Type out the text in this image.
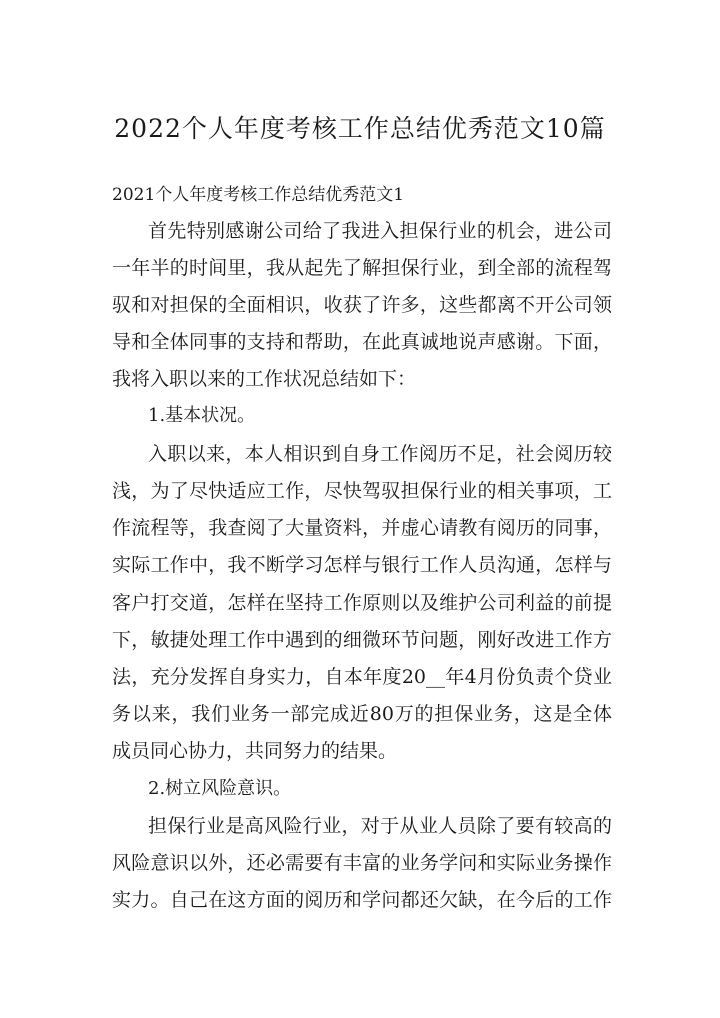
2022个人年度考核工作总结优秀范文10篇
2021个人年度考核工作总结优秀范文1
首先特别感谢公司给了我进入担保行业的机会，进公司
一年半的时间里，我从起先了解担保行业，到全部的流程驾
驭和对担保的全面相识，收获了许多，这些都离不开公司领
导和全体同事的支持和帮助，在此真诚地说声感谢。下面，
我将入职以来的工作状况总结如下：
1.基本状况。
入职以来，本人相识到自身工作阅历不足，社会阅历较
浅，为了尽快适应工作，尽快驾驭担保行业的相关事项，工
作流程等，我查阅了大量资料，并虚心请教有阅历的同事，
实际工作中，我不断学习怎样与银行工作人员沟通，怎样与
客户打交道，怎样在坚持工作原则以及维护公司利益的前提
下，敏捷处理工作中遇到的细微环节问题，刚好改进工作方
法，充分发挥自身实力，自本年度20__年4月份负责个贷业
务以来，我们业务一部完成近80万的担保业务，这是全体
成员同心协力，共同努力的结果。
2.树立风险意识。
担保行业是高风险行业，对于从业人员除了要有较高的
风险意识以外，还必需要有丰富的业务学问和实际业务操作
实力。自己在这方面的阅历和学问都还欠缺，在今后的工作
